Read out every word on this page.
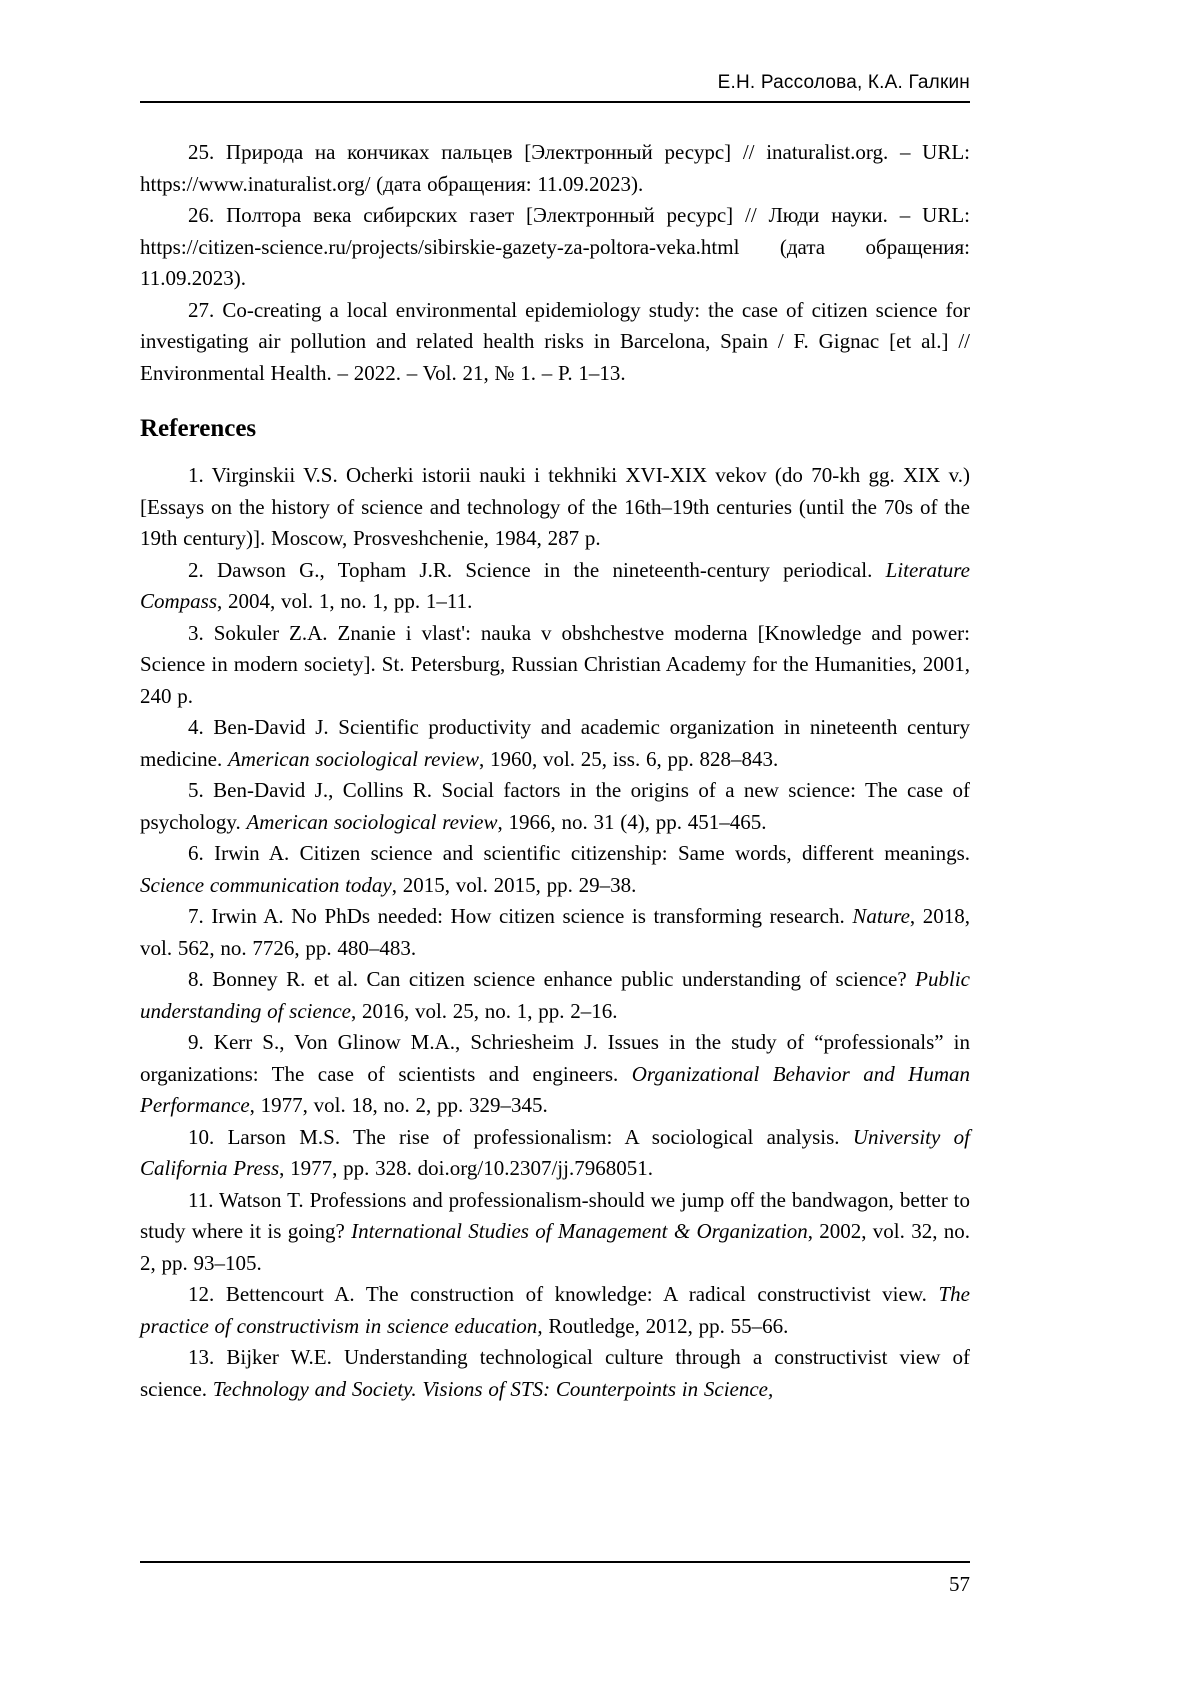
Е.Н. Рассолова, К.А. Галкин

25. Природа на кончиках пальцев [Электронный ресурс] // inaturalist.org. – URL: https://www.inaturalist.org/ (дата обращения: 11.09.2023).

26. Полтора века сибирских газет [Электронный ресурс] // Люди науки. – URL: https://citizen-science.ru/projects/sibirskie-gazety-za-poltora-veka.html (дата обращения: 11.09.2023).

27. Co-creating a local environmental epidemiology study: the case of citizen science for investigating air pollution and related health risks in Barcelona, Spain / F. Gignac [et al.] // Environmental Health. – 2022. – Vol. 21, № 1. – P. 1–13.

References

1. Virginskii V.S. Ocherki istorii nauki i tekhniki XVI-XIX vekov (do 70-kh gg. XIX v.) [Essays on the history of science and technology of the 16th–19th centuries (until the 70s of the 19th century)]. Moscow, Prosveshchenie, 1984, 287 p.

2. Dawson G., Topham J.R. Science in the nineteenth-century periodical. Literature Compass, 2004, vol. 1, no. 1, pp. 1–11.

3. Sokuler Z.A. Znanie i vlast': nauka v obshchestve moderna [Knowledge and power: Science in modern society]. St. Petersburg, Russian Christian Academy for the Humanities, 2001, 240 p.

4. Ben-David J. Scientific productivity and academic organization in nineteenth century medicine. American sociological review, 1960, vol. 25, iss. 6, pp. 828–843.

5. Ben-David J., Collins R. Social factors in the origins of a new science: The case of psychology. American sociological review, 1966, no. 31 (4), pp. 451–465.

6. Irwin A. Citizen science and scientific citizenship: Same words, different meanings. Science communication today, 2015, vol. 2015, pp. 29–38.

7. Irwin A. No PhDs needed: How citizen science is transforming research. Nature, 2018, vol. 562, no. 7726, pp. 480–483.

8. Bonney R. et al. Can citizen science enhance public understanding of science? Public understanding of science, 2016, vol. 25, no. 1, pp. 2–16.

9. Kerr S., Von Glinow M.A., Schriesheim J. Issues in the study of “professionals” in organizations: The case of scientists and engineers. Organizational Behavior and Human Performance, 1977, vol. 18, no. 2, pp. 329–345.

10. Larson M.S. The rise of professionalism: A sociological analysis. University of California Press, 1977, pp. 328. doi.org/10.2307/jj.7968051.

11. Watson T. Professions and professionalism-should we jump off the bandwagon, better to study where it is going? International Studies of Management & Organization, 2002, vol. 32, no. 2, pp. 93–105.

12. Bettencourt A. The construction of knowledge: A radical constructivist view. The practice of constructivism in science education, Routledge, 2012, pp. 55–66.

13. Bijker W.E. Understanding technological culture through a constructivist view of science. Technology and Society. Visions of STS: Counterpoints in Science,

57
